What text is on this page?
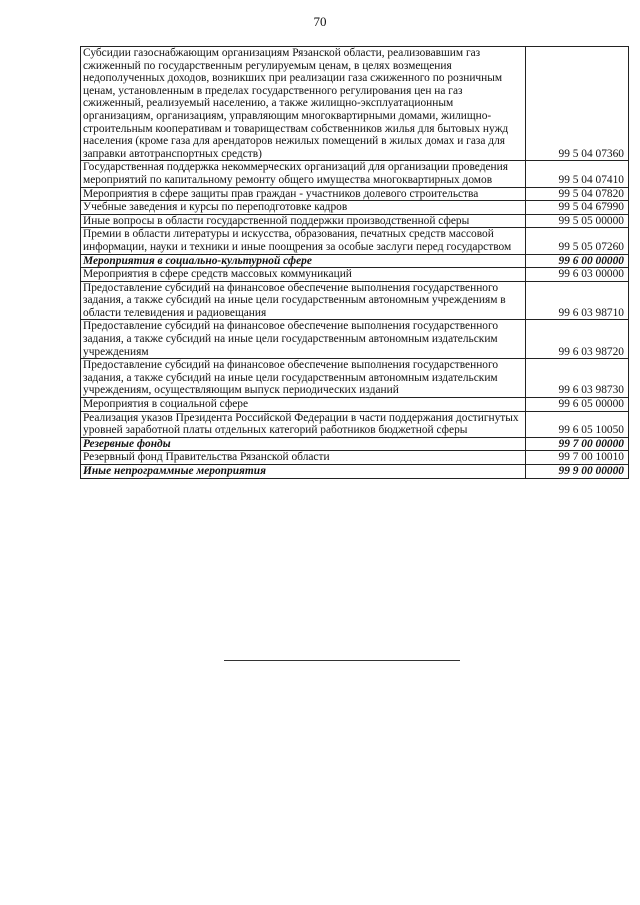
70
Субсидии газоснабжающим организациям Рязанской области, реализовавшим газ сжиженный по государственным регулируемым ценам, в целях возмещения недополученных доходов, возникших при реализации газа сжиженного по розничным ценам, установленным в пределах государственного регулирования цен на газ сжиженный, реализуемый населению, а также жилищно-эксплуатационным организациям, организациям, управляющим многоквартирными домами, жилищно-строительным кооперативам и товариществам собственников жилья для бытовых нужд населения (кроме газа для арендаторов нежилых помещений в жилых домах и газа для заправки автотранспортных средств)	99 5 04 07360
Государственная поддержка некоммерческих организаций для организации проведения мероприятий по капитальному ремонту общего имущества многоквартирных домов	99 5 04 07410
Мероприятия в сфере защиты прав граждан - участников долевого строительства	99 5 04 07820
Учебные заведения и курсы по переподготовке кадров	99 5 04 67990
Иные вопросы в области государственной поддержки производственной сферы	99 5 05 00000
Премии в области литературы и искусства, образования, печатных средств массовой информации, науки и техники и иные поощрения за особые заслуги перед государством	99 5 05 07260
Мероприятия в социально-культурной сфере	99 6 00 00000
Мероприятия в сфере средств массовых коммуникаций	99 6 03 00000
Предоставление субсидий на финансовое обеспечение выполнения государственного задания, а также субсидий на иные цели государственным автономным учреждениям в области телевидения и радиовещания	99 6 03 98710
Предоставление субсидий на финансовое обеспечение выполнения государственного задания, а также субсидий на иные цели государственным автономным издательским учреждениям	99 6 03 98720
Предоставление субсидий на финансовое обеспечение выполнения государственного задания, а также субсидий на иные цели государственным автономным издательским учреждениям, осуществляющим выпуск периодических изданий	99 6 03 98730
Мероприятия в социальной сфере	99 6 05 00000
Реализация указов Президента Российской Федерации в части поддержания достигнутых уровней заработной платы отдельных категорий работников бюджетной сферы	99 6 05 10050
Резервные фонды	99 7 00 00000
Резервный фонд Правительства Рязанской области	99 7 00 10010
Иные непрограммные мероприятия	99 9 00 00000
